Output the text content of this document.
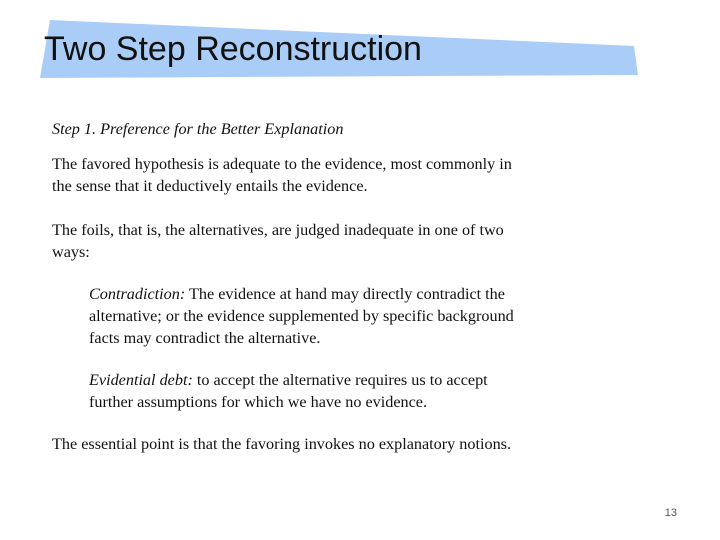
Two Step Reconstruction

Step 1. Preference for the Better Explanation

The favored hypothesis is adequate to the evidence, most commonly in the sense that it deductively entails the evidence.

The foils, that is, the alternatives, are judged inadequate in one of two ways:

Contradiction: The evidence at hand may directly contradict the alternative; or the evidence supplemented by specific background facts may contradict the alternative.

Evidential debt: to accept the alternative requires us to accept further assumptions for which we have no evidence.

The essential point is that the favoring invokes no explanatory notions.

13
